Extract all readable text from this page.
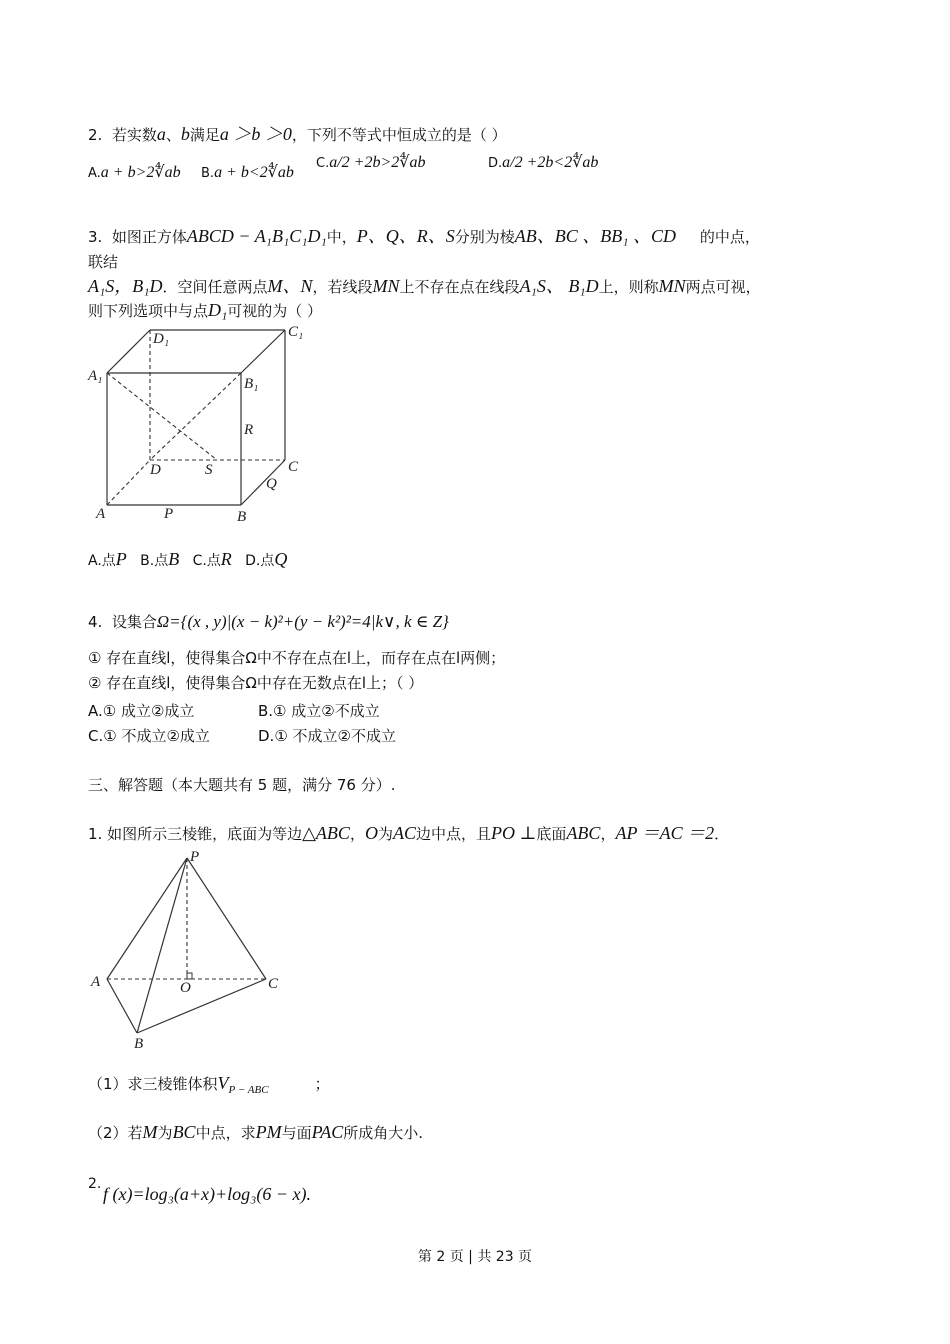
2. 若实数a、b满足a ＞b ＞0，下列不等式中恒成立的是（ ）
A.a + b>2∜ab B.a + b<2∜ab
C.a/2 +2b>2∜ab	D.a/2 +2b<2∜ab
3. 如图正方体ABCD − A₁B₁C₁D₁中，P、Q、R、S分别为棱AB、BC 、BB₁ 、CD 的中点，
联结
A₁S，B₁D．空间任意两点M、N，若线段MN上不存在点在线段A₁S、 B₁D上，则称MN两点可视，
则下列选项中与点D₁可视的为（ ）
D₁	C₁
A₁	B₁
R
D	S	C
Q
A	P	B
A.点P B.点B C.点R D.点Q
4. 设集合Ω={(x , y)|(x − k)²+(y − k²)²=4|k∨, k ∈ Z}
① 存在直线l，使得集合Ω中不存在点在l上，而存在点在l两侧；
② 存在直线l，使得集合Ω中存在无数点在l上；（ ）
A.① 成立②成立	B.① 成立②不成立
C.① 不成立②成立	D.① 不成立②不成立
三、解答题（本大题共有 5 题，满分 76 分）.
1. 如图所示三棱锥，底面为等边△ABC，O为AC边中点，且PO ⊥底面ABC，AP ＝AC ＝2．
P
A	O	C
B
（1）求三棱锥体积$V_{P - ABC}$	；
（2）若M为BC中点，求PM与面PAC所成角大小.
2. f (x)=log₃(a+x)+log₃(6 − x).
第 2 页 | 共 23 页
